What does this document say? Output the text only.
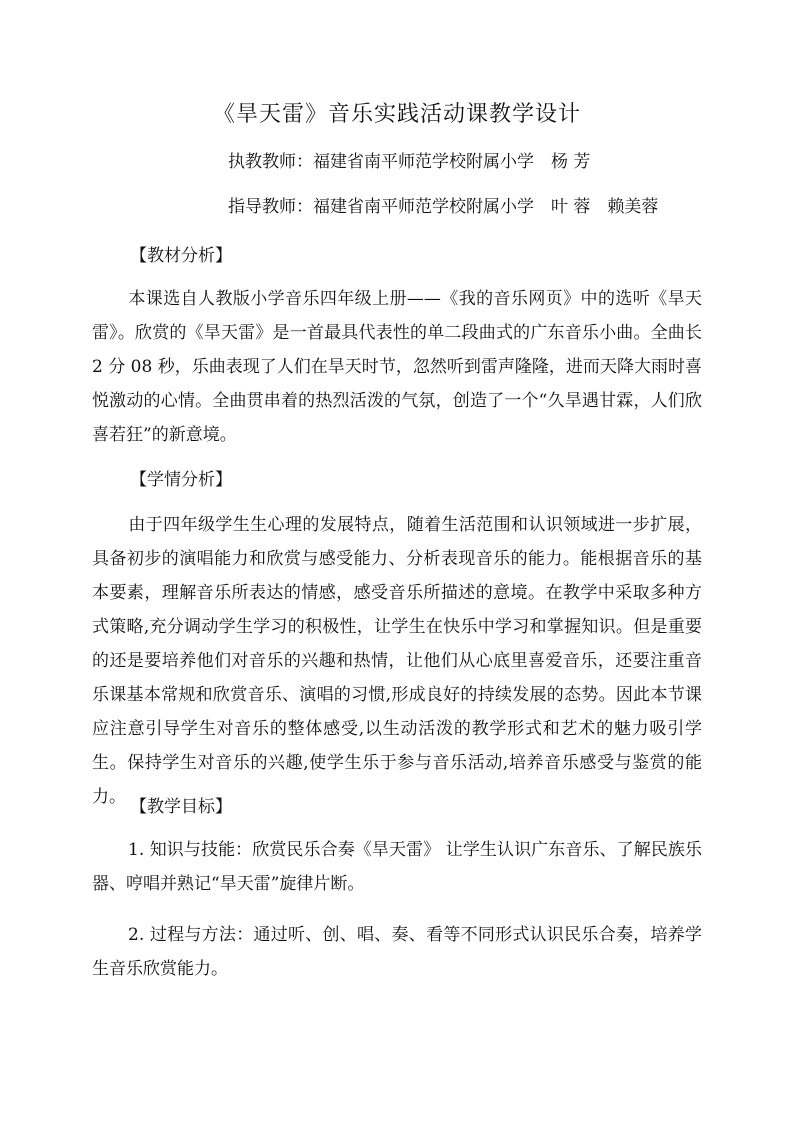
《旱天雷》音乐实践活动课教学设计
执教教师：福建省南平师范学校附属小学　杨 芳
指导教师：福建省南平师范学校附属小学　叶 蓉　赖美蓉
【教材分析】
本课选自人教版小学音乐四年级上册——《我的音乐网页》中的选听《旱天雷》。欣赏的《旱天雷》是一首最具代表性的单二段曲式的广东音乐小曲。全曲长 2 分 08 秒，乐曲表现了人们在旱天时节，忽然听到雷声隆隆，进而天降大雨时喜悦激动的心情。全曲贯串着的热烈活泼的气氛，创造了一个“久旱遇甘霖，人们欣喜若狂”的新意境。
【学情分析】
由于四年级学生生心理的发展特点，随着生活范围和认识领域进一步扩展，具备初步的演唱能力和欣赏与感受能力、分析表现音乐的能力。能根据音乐的基本要素，理解音乐所表达的情感，感受音乐所描述的意境。在教学中采取多种方式策略,充分调动学生学习的积极性，让学生在快乐中学习和掌握知识。但是重要的还是要培养他们对音乐的兴趣和热情，让他们从心底里喜爱音乐，还要注重音乐课基本常规和欣赏音乐、演唱的习惯,形成良好的持续发展的态势。因此本节课应注意引导学生对音乐的整体感受,以生动活泼的教学形式和艺术的魅力吸引学生。保持学生对音乐的兴趣,使学生乐于参与音乐活动,培养音乐感受与鉴赏的能力。 【教学目标】
1. 知识与技能：欣赏民乐合奏《旱天雷》 让学生认识广东音乐、了解民族乐器、哼唱并熟记“旱天雷”旋律片断。
2. 过程与方法：通过听、创、唱、奏、看等不同形式认识民乐合奏，培养学生音乐欣赏能力。
